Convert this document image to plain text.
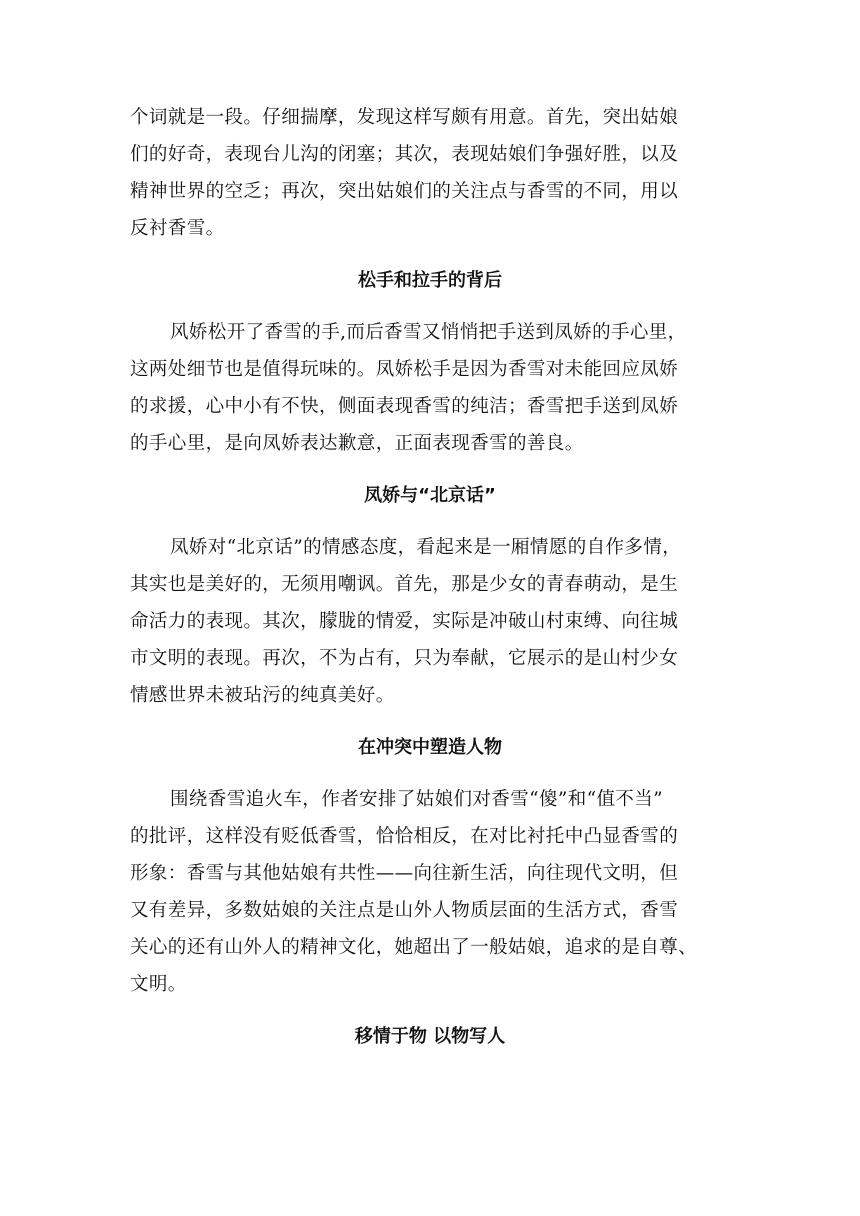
个词就是一段。仔细揣摩，发现这样写颇有用意。首先，突出姑娘
们的好奇，表现台儿沟的闭塞；其次，表现姑娘们争强好胜，以及
精神世界的空乏；再次，突出姑娘们的关注点与香雪的不同，用以
反衬香雪。
松手和拉手的背后
风娇松开了香雪的手,而后香雪又悄悄把手送到凤娇的手心里，
这两处细节也是值得玩味的。凤娇松手是因为香雪对未能回应凤娇
的求援，心中小有不快，侧面表现香雪的纯洁；香雪把手送到凤娇
的手心里，是向凤娇表达歉意，正面表现香雪的善良。
凤娇与“北京话”
凤娇对“北京话”的情感态度，看起来是一厢情愿的自作多情，
其实也是美好的，无须用嘲讽。首先，那是少女的青春萌动，是生
命活力的表现。其次，朦胧的情爱，实际是冲破山村束缚、向往城
市文明的表现。再次，不为占有，只为奉献，它展示的是山村少女
情感世界未被玷污的纯真美好。
在冲突中塑造人物
围绕香雪追火车，作者安排了姑娘们对香雪“傻”和“值不当”
的批评，这样没有贬低香雪，恰恰相反，在对比衬托中凸显香雪的
形象：香雪与其他姑娘有共性——向往新生活，向往现代文明，但
又有差异，多数姑娘的关注点是山外人物质层面的生活方式，香雪
关心的还有山外人的精神文化，她超出了一般姑娘，追求的是自尊、
文明。
移情于物 以物写人
